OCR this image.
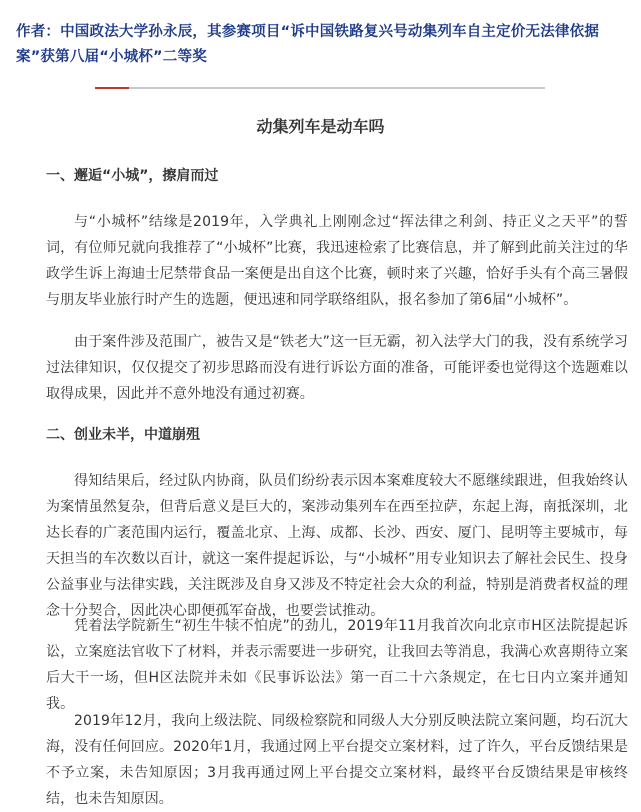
作者：中国政法大学孙永辰，其参赛项目“诉中国铁路复兴号动集列车自主定价无法律依据案”获第八届“小城杯”二等奖
动集列车是动车吗
一、邂逅“小城”，擦肩而过
与“小城杯”结缘是2019年，入学典礼上刚刚念过“挥法律之利剑、持正义之天平”的誓词，有位师兄就向我推荐了“小城杯”比赛，我迅速检索了比赛信息，并了解到此前关注过的华政学生诉上海迪士尼禁带食品一案便是出自这个比赛，顿时来了兴趣，恰好手头有个高三暑假与朋友毕业旅行时产生的选题，便迅速和同学联络组队，报名参加了第6届“小城杯”。
由于案件涉及范围广，被告又是“铁老大”这一巨无霸，初入法学大门的我，没有系统学习过法律知识，仅仅提交了初步思路而没有进行诉讼方面的准备，可能评委也觉得这个选题难以取得成果，因此并不意外地没有通过初赛。
二、创业未半，中道崩殂
得知结果后，经过队内协商，队员们纷纷表示因本案难度较大不愿继续跟进，但我始终认为案情虽然复杂，但背后意义是巨大的，案涉动集列车在西至拉萨，东起上海，南抵深圳，北达长春的广袤范围内运行，覆盖北京、上海、成都、长沙、西安、厦门、昆明等主要城市，每天担当的车次数以百计，就这一案件提起诉讼，与“小城杯”用专业知识去了解社会民生、投身公益事业与法律实践，关注既涉及自身又涉及不特定社会大众的利益，特别是消费者权益的理念十分契合，因此决心即便孤军奋战，也要尝试推动。
凭着法学院新生“初生牛犊不怕虎”的劲儿，2019年11月我首次向北京市H区法院提起诉讼，立案庭法官收下了材料，并表示需要进一步研究，让我回去等消息，我满心欢喜期待立案后大干一场，但H区法院并未如《民事诉讼法》第一百二十六条规定，在七日内立案并通知我。
2019年12月，我向上级法院、同级检察院和同级人大分别反映法院立案问题，均石沉大海，没有任何回应。2020年1月，我通过网上平台提交立案材料，过了许久，平台反馈结果是不予立案，未告知原因；3月我再通过网上平台提交立案材料，最终平台反馈结果是审核终结，也未告知原因。
